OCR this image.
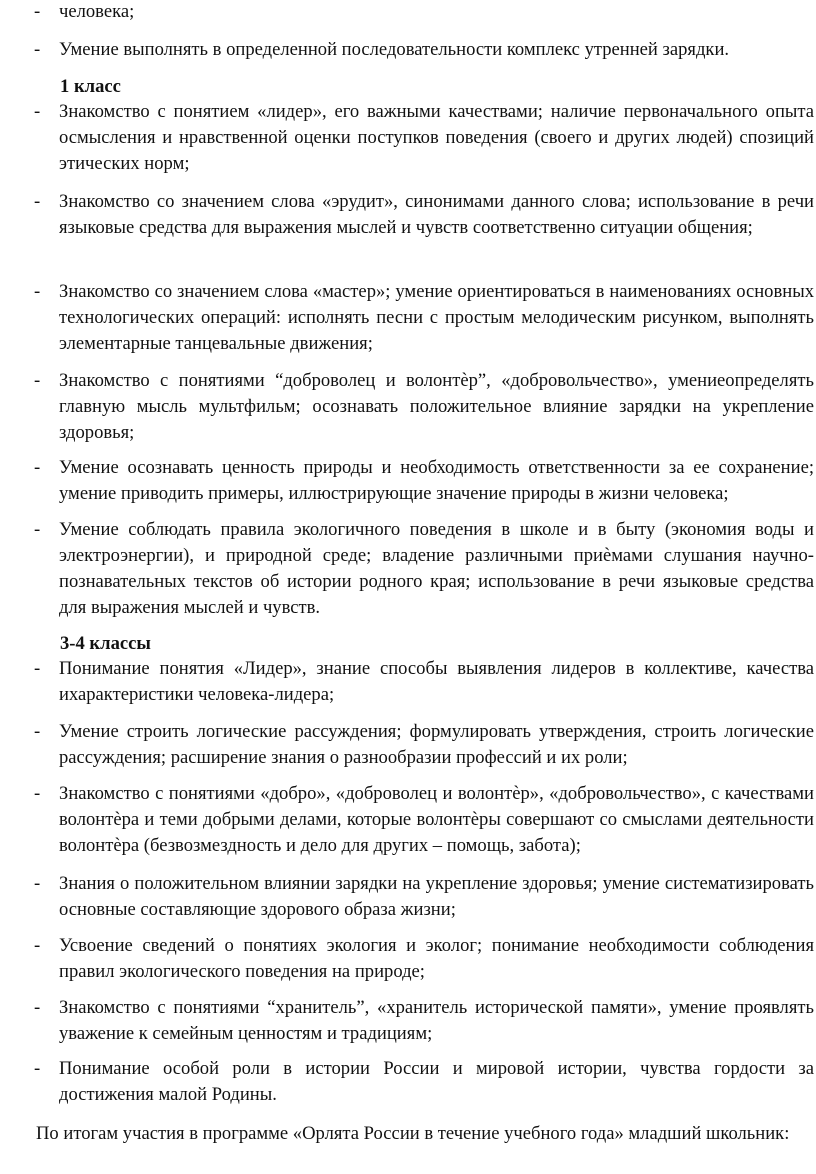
- человека;
- Умение выполнять в определенной последовательности комплекс утренней зарядки.
1 класс
- Знакомство с понятием «лидер», его важными качествами; наличие первоначального опыта осмысления и нравственной оценки поступков поведения (своего и других людей) спозиций этических норм;
- Знакомство со значением слова «эрудит», синонимами данного слова; использование в речи языковые средства для выражения мыслей и чувств соответственно ситуации общения;
- Знакомство со значением слова «мастер»; умение ориентироваться в наименованиях основных технологических операций: исполнять песни с простым мелодическим рисунком, выполнять элементарные танцевальные движения;
- Знакомство с понятиями “доброволец и волонтѐр”, «добровольчество», умениеопределять главную мысль мультфильм; осознавать положительное влияние зарядки на укрепление здоровья;
- Умение осознавать ценность природы и необходимость ответственности за ее сохранение; умение приводить примеры, иллюстрирующие значение природы в жизни человека;
- Умение соблюдать правила экологичного поведения в школе и в быту (экономия воды и электроэнергии), и природной среде; владение различными приѐмами слушания научно-познавательных текстов об истории родного края; использование в речи языковые средства для выражения мыслей и чувств.
3-4 классы
- Понимание понятия «Лидер», знание способы выявления лидеров в коллективе, качества ихарактеристики человека-лидера;
- Умение строить логические рассуждения; формулировать утверждения, строить логические рассуждения; расширение знания о разнообразии профессий и их роли;
- Знакомство с понятиями «добро», «доброволец и волонтѐр», «добровольчество», с качествами волонтѐра и теми добрыми делами, которые волонтѐры совершают со смыслами деятельности волонтѐра (безвозмездность и дело для других – помощь, забота);
- Знания о положительном влиянии зарядки на укрепление здоровья; умение систематизировать основные составляющие здорового образа жизни;
- Усвоение сведений о понятиях экология и эколог; понимание необходимости соблюдения правил экологического поведения на природе;
- Знакомство с понятиями “хранитель”, «хранитель исторической памяти», умение проявлять уважение к семейным ценностям и традициям;
- Понимание особой роли в истории России и мировой истории, чувства гордости за достижения малой Родины.
По итогам участия в программе «Орлята России в течение учебного года» младший школьник:
